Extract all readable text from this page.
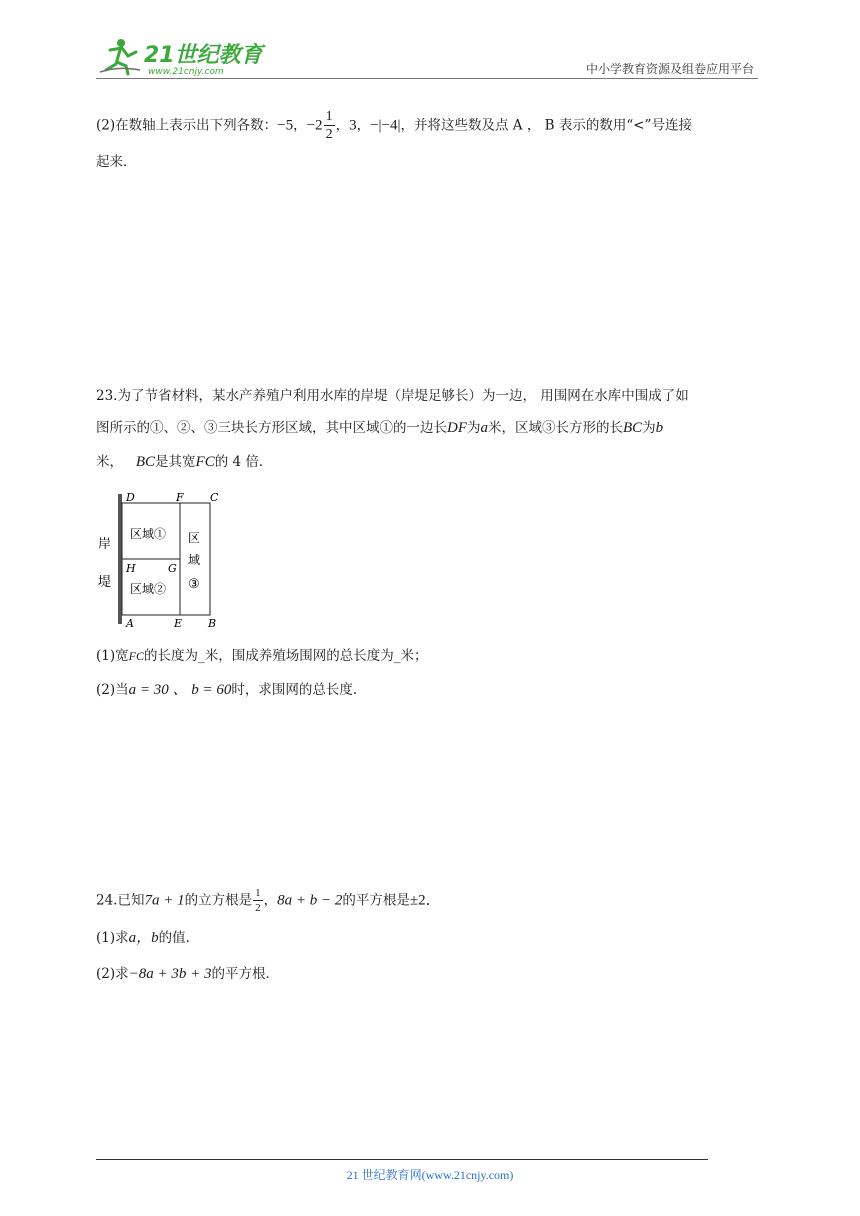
21世纪教育
www.21cnjy.com	中小学教育资源及组卷应用平台
(2)在数轴上表示出下列各数：−5，$-2 \frac{1}{2}$ ，3，−|−4|，并将这些数及点 A ， B 表示的数用“<”号连接
起来．
23.为了节省材料，某水产养殖户利用水库的岸堤（岸堤足够长）为一边， 用围网在水库中围成了如
图所示的①、②、③三块长方形区域，其中区域①的一边长DF为a米，区域③长方形的长BC为b
米， BC是其宽FC的 4 倍．
岸
堤
D	F C
H	G
A	E B
区域①
区域②
区
域
③
(1)宽FC的长度为_米，围成养殖场围网的总长度为_米；
(2)当a = 30 、 b = 60时，求围网的总长度．
24.已知7a + 1的立方根是 $\frac{1}{2}$ ，8a + b − 2的平方根是±2．
(1)求a，b的值．
(2)求−8a + 3b + 3的平方根．
21 世纪教育网(www.21cnjy.com)
